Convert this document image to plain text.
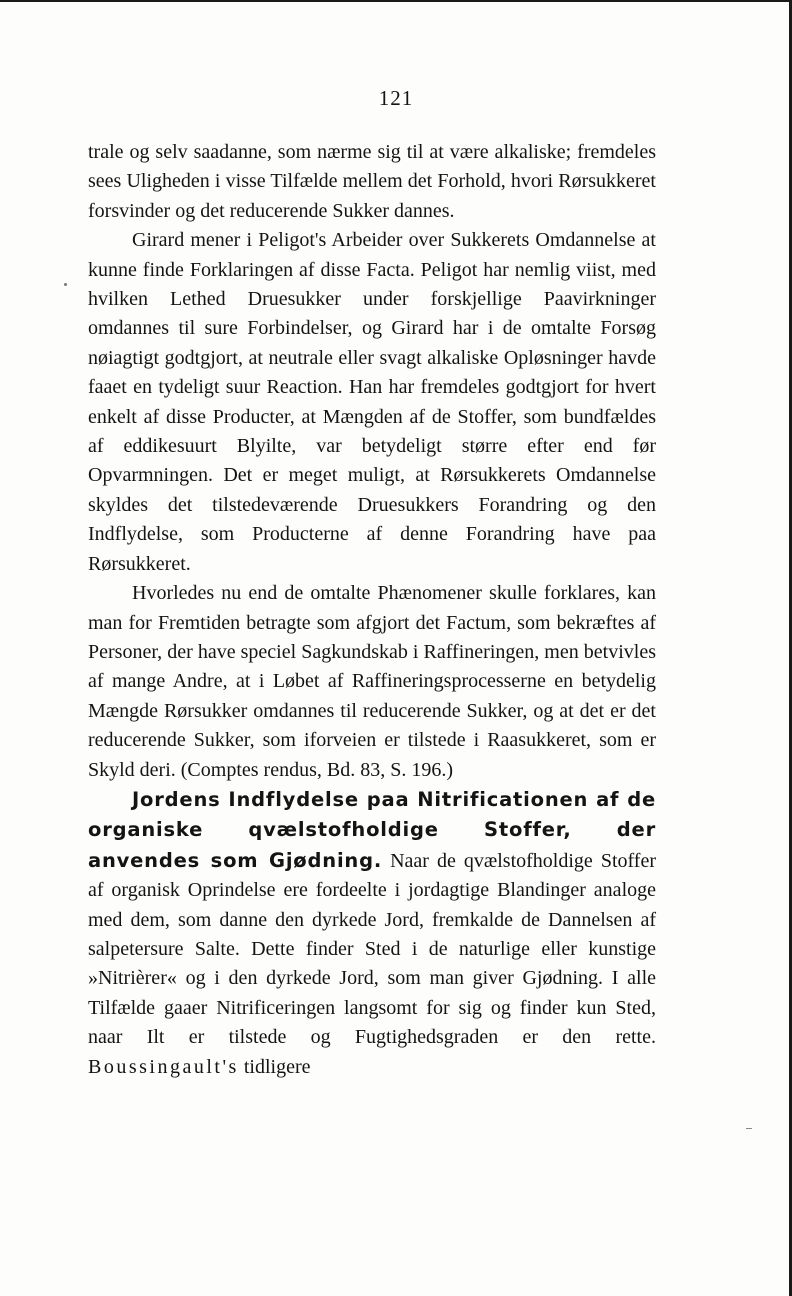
121

trale og selv saadanne, som nærme sig til at være alkaliske; fremdeles sees Uligheden i visse Tilfælde mellem det Forhold, hvori Rørsukkeret forsvinder og det reducerende Sukker dannes.

Girard mener i Peligot's Arbeider over Sukkerets Omdannelse at kunne finde Forklaringen af disse Facta. Peligot har nemlig viist, med hvilken Lethed Druesukker under forskjellige Paavirkninger omdannes til sure Forbindelser, og Girard har i de omtalte Forsøg nøiagtigt godtgjort, at neutrale eller svagt alkaliske Opløsninger havde faaet en tydeligt suur Reaction. Han har fremdeles godtgjort for hvert enkelt af disse Producter, at Mængden af de Stoffer, som bundfældes af eddikesuurt Blyilte, var betydeligt større efter end før Opvarmningen. Det er meget muligt, at Rørsukkerets Omdannelse skyldes det tilstedeværende Druesukkers Forandring og den Indflydelse, som Producterne af denne Forandring have paa Rørsukkeret.

Hvorledes nu end de omtalte Phænomener skulle forklares, kan man for Fremtiden betragte som afgjort det Factum, som bekræftes af Personer, der have speciel Sagkundskab i Raffineringen, men betvivles af mange Andre, at i Løbet af Raffineringsprocesserne en betydelig Mængde Rørsukker omdannes til reducerende Sukker, og at det er det reducerende Sukker, som iforveien er tilstede i Raasukkeret, som er Skyld deri. (Comptes rendus, Bd. 83, S. 196.)

Jordens Indflydelse paa Nitrificationen af de organiske qvælstofholdige Stoffer, der anvendes som Gjødning. Naar de qvælstofholdige Stoffer af organisk Oprindelse ere fordeelte i jordagtige Blandinger analoge med dem, som danne den dyrkede Jord, fremkalde de Dannelsen af salpetersure Salte. Dette finder Sted i de naturlige eller kunstige »Nitrièrer« og i den dyrkede Jord, som man giver Gjødning. I alle Tilfælde gaaer Nitrificeringen langsomt for sig og finder kun Sted, naar Ilt er tilstede og Fugtighedsgraden er den rette. Boussingault's tidligere
